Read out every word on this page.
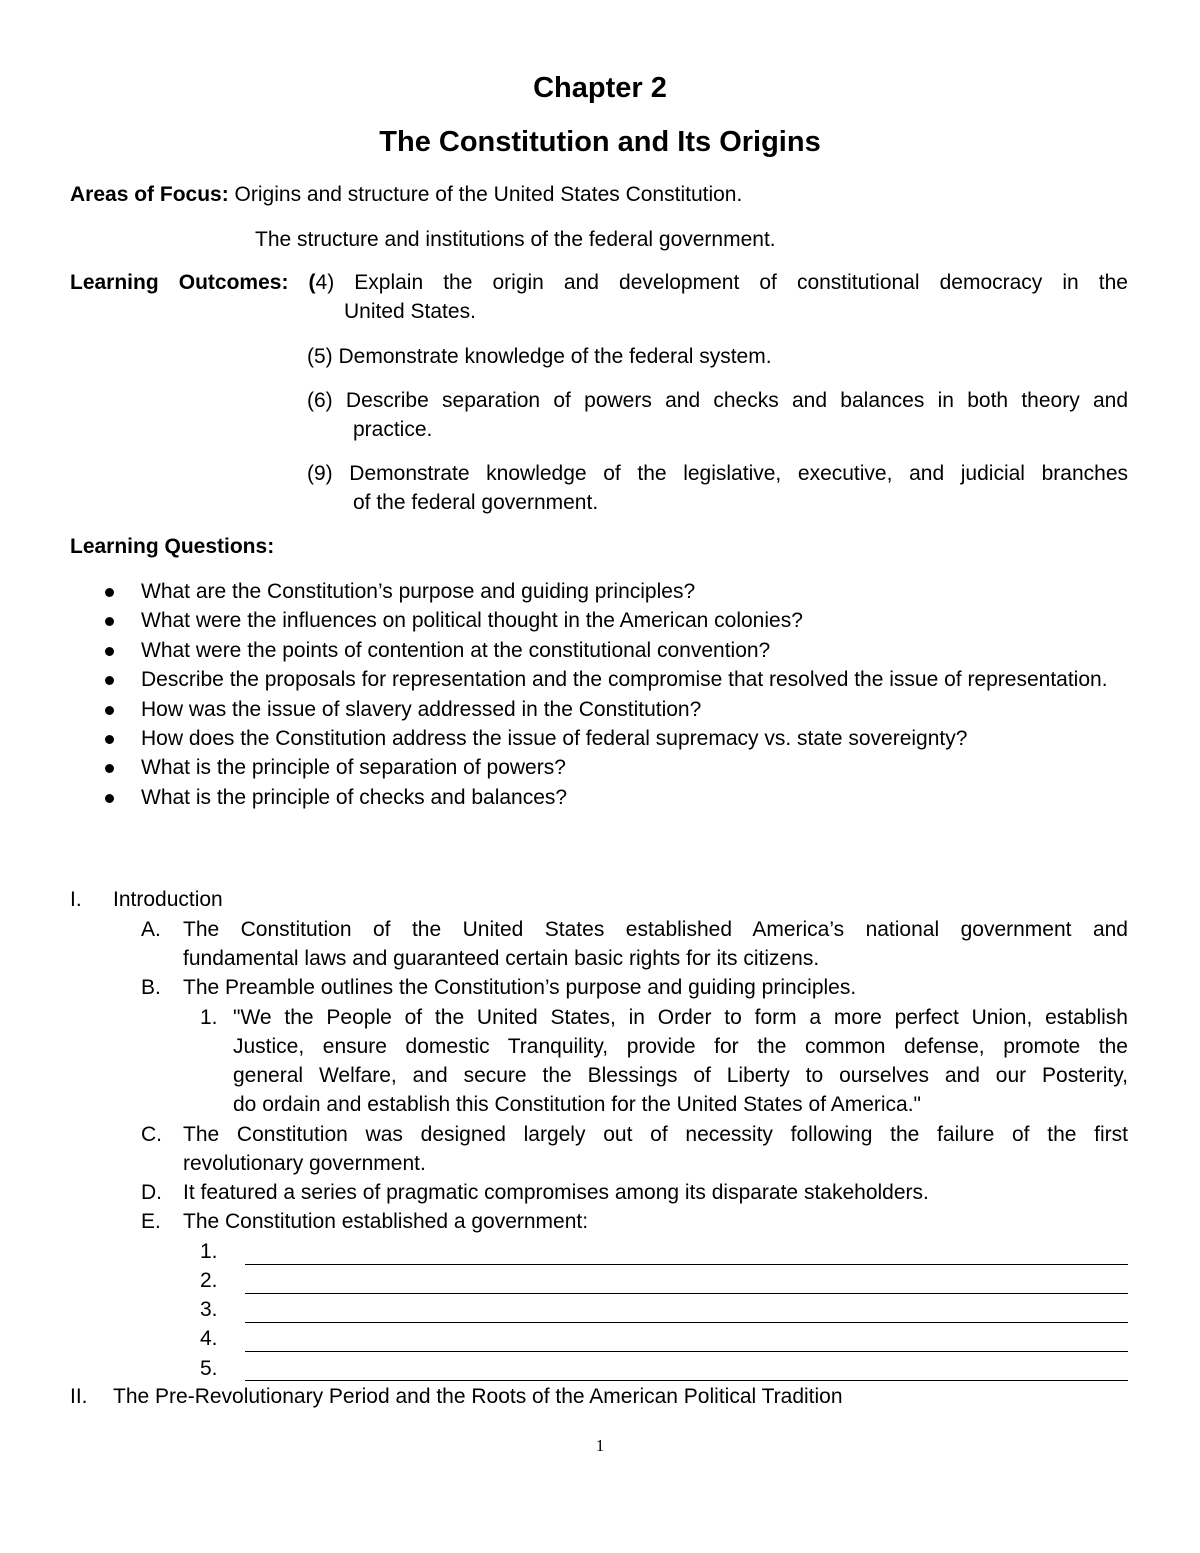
Chapter 2
The Constitution and Its Origins
Areas of Focus: Origins and structure of the United States Constitution.
The structure and institutions of the federal government.
Learning Outcomes: (4) Explain the origin and development of constitutional democracy in the
United States.
(5) Demonstrate knowledge of the federal system.
(6) Describe separation of powers and checks and balances in both theory and
practice.
(9) Demonstrate knowledge of the legislative, executive, and judicial branches
of the federal government.
Learning Questions:
What are the Constitution’s purpose and guiding principles?
What were the influences on political thought in the American colonies?
What were the points of contention at the constitutional convention?
Describe the proposals for representation and the compromise that resolved the issue of representation.
How was the issue of slavery addressed in the Constitution?
How does the Constitution address the issue of federal supremacy vs. state sovereignty?
What is the principle of separation of powers?
What is the principle of checks and balances?
I. Introduction
A. The Constitution of the United States established America’s national government and
fundamental laws and guaranteed certain basic rights for its citizens.
B. The Preamble outlines the Constitution’s purpose and guiding principles.
1. "We the People of the United States, in Order to form a more perfect Union, establish
Justice, ensure domestic Tranquility, provide for the common defense, promote the
general Welfare, and secure the Blessings of Liberty to ourselves and our Posterity,
do ordain and establish this Constitution for the United States of America."
C. The Constitution was designed largely out of necessity following the failure of the first
revolutionary government.
D. It featured a series of pragmatic compromises among its disparate stakeholders.
E. The Constitution established a government:
1.
2.
3.
4.
5.
II. The Pre-Revolutionary Period and the Roots of the American Political Tradition
1
